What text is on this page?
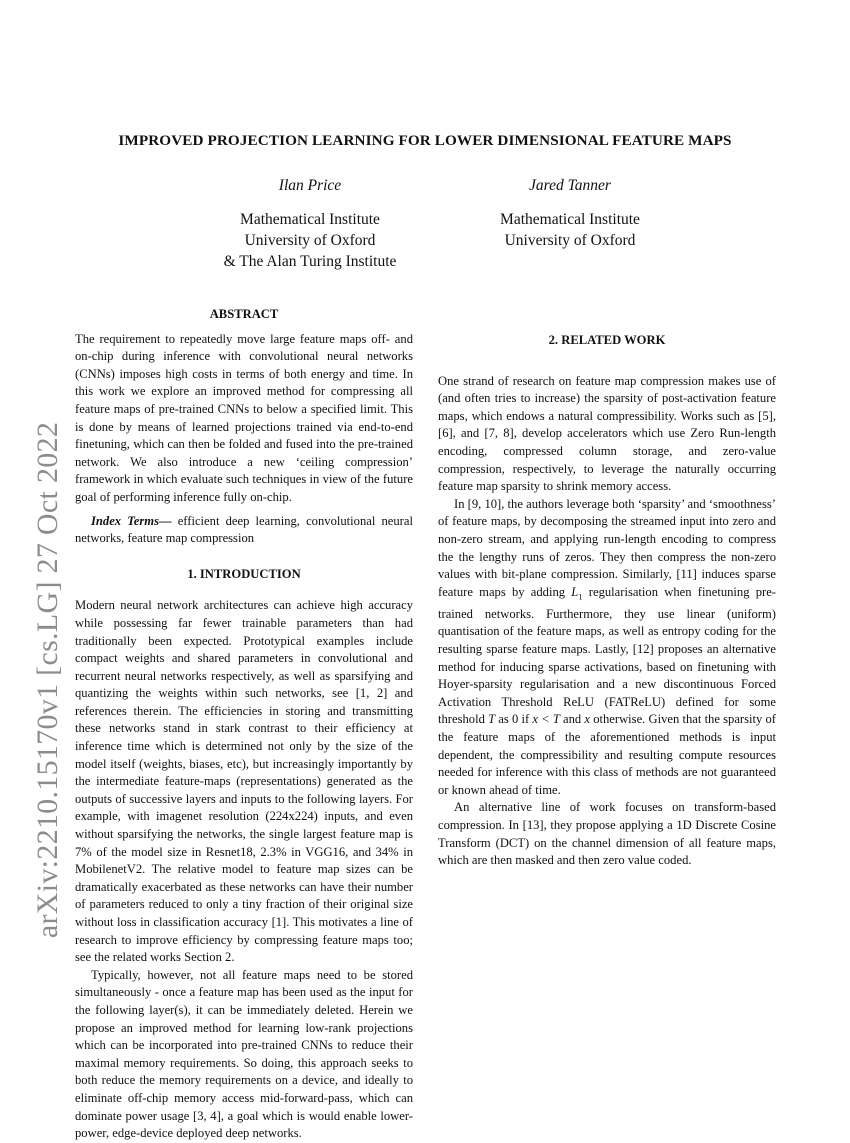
arXiv:2210.15170v1 [cs.LG] 27 Oct 2022
IMPROVED PROJECTION LEARNING FOR LOWER DIMENSIONAL FEATURE MAPS
Ilan Price
Mathematical Institute
University of Oxford
& The Alan Turing Institute
Jared Tanner
Mathematical Institute
University of Oxford
ABSTRACT

The requirement to repeatedly move large feature maps off- and on-chip during inference with convolutional neural networks (CNNs) imposes high costs in terms of both energy and time. In this work we explore an improved method for compressing all feature maps of pre-trained CNNs to below a specified limit. This is done by means of learned projections trained via end-to-end finetuning, which can then be folded and fused into the pre-trained network. We also introduce a new ‘ceiling compression’ framework in which evaluate such techniques in view of the future goal of performing inference fully on-chip.

Index Terms— efficient deep learning, convolutional neural networks, feature map compression

1. INTRODUCTION

Modern neural network architectures can achieve high accuracy while possessing far fewer trainable parameters than had traditionally been expected. Prototypical examples include compact weights and shared parameters in convolutional and recurrent neural networks respectively, as well as sparsifying and quantizing the weights within such networks, see [1, 2] and references therein. The efficiencies in storing and transmitting these networks stand in stark contrast to their efficiency at inference time which is determined not only by the size of the model itself (weights, biases, etc), but increasingly importantly by the intermediate feature-maps (representations) generated as the outputs of successive layers and inputs to the following layers. For example, with imagenet resolution (224x224) inputs, and even without sparsifying the networks, the single largest feature map is 7% of the model size in Resnet18, 2.3% in VGG16, and 34% in MobilenetV2. The relative model to feature map sizes can be dramatically exacerbated as these networks can have their number of parameters reduced to only a tiny fraction of their original size without loss in classification accuracy [1]. This motivates a line of research to improve efficiency by compressing feature maps too; see the related works Section 2.

Typically, however, not all feature maps need to be stored simultaneously - once a feature map has been used as the input for the following layer(s), it can be immediately deleted. Herein we propose an improved method for learning low-rank projections which can be incorporated into pre-trained CNNs to reduce their maximal memory requirements. So doing, this approach seeks to both reduce the memory requirements on a device, and ideally to eliminate off-chip memory access mid-forward-pass, which can dominate power usage [3, 4], a goal which is would enable lower-power, edge-device deployed deep networks.

2. RELATED WORK

One strand of research on feature map compression makes use of (and often tries to increase) the sparsity of post-activation feature maps, which endows a natural compressibility. Works such as [5], [6], and [7, 8], develop accelerators which use Zero Run-length encoding, compressed column storage, and zero-value compression, respectively, to leverage the naturally occurring feature map sparsity to shrink memory access.

In [9, 10], the authors leverage both ‘sparsity’ and ‘smoothness’ of feature maps, by decomposing the streamed input into zero and non-zero stream, and applying run-length encoding to compress the the lengthy runs of zeros. They then compress the non-zero values with bit-plane compression. Similarly, [11] induces sparse feature maps by adding $L_1$ regularisation when finetuning pre-trained networks. Furthermore, they use linear (uniform) quantisation of the feature maps, as well as entropy coding for the resulting sparse feature maps. Lastly, [12] proposes an alternative method for inducing sparse activations, based on finetuning with Hoyer-sparsity regularisation and a new discontinuous Forced Activation Threshold ReLU (FATReLU) defined for some threshold T as 0 if x < T and x otherwise. Given that the sparsity of the feature maps of the aforementioned methods is input dependent, the compressibility and resulting compute resources needed for inference with this class of methods are not guaranteed or known ahead of time.

An alternative line of work focuses on transform-based compression. In [13], they propose applying a 1D Discrete Cosine Transform (DCT) on the channel dimension of all feature maps, which are then masked and then zero value coded.
